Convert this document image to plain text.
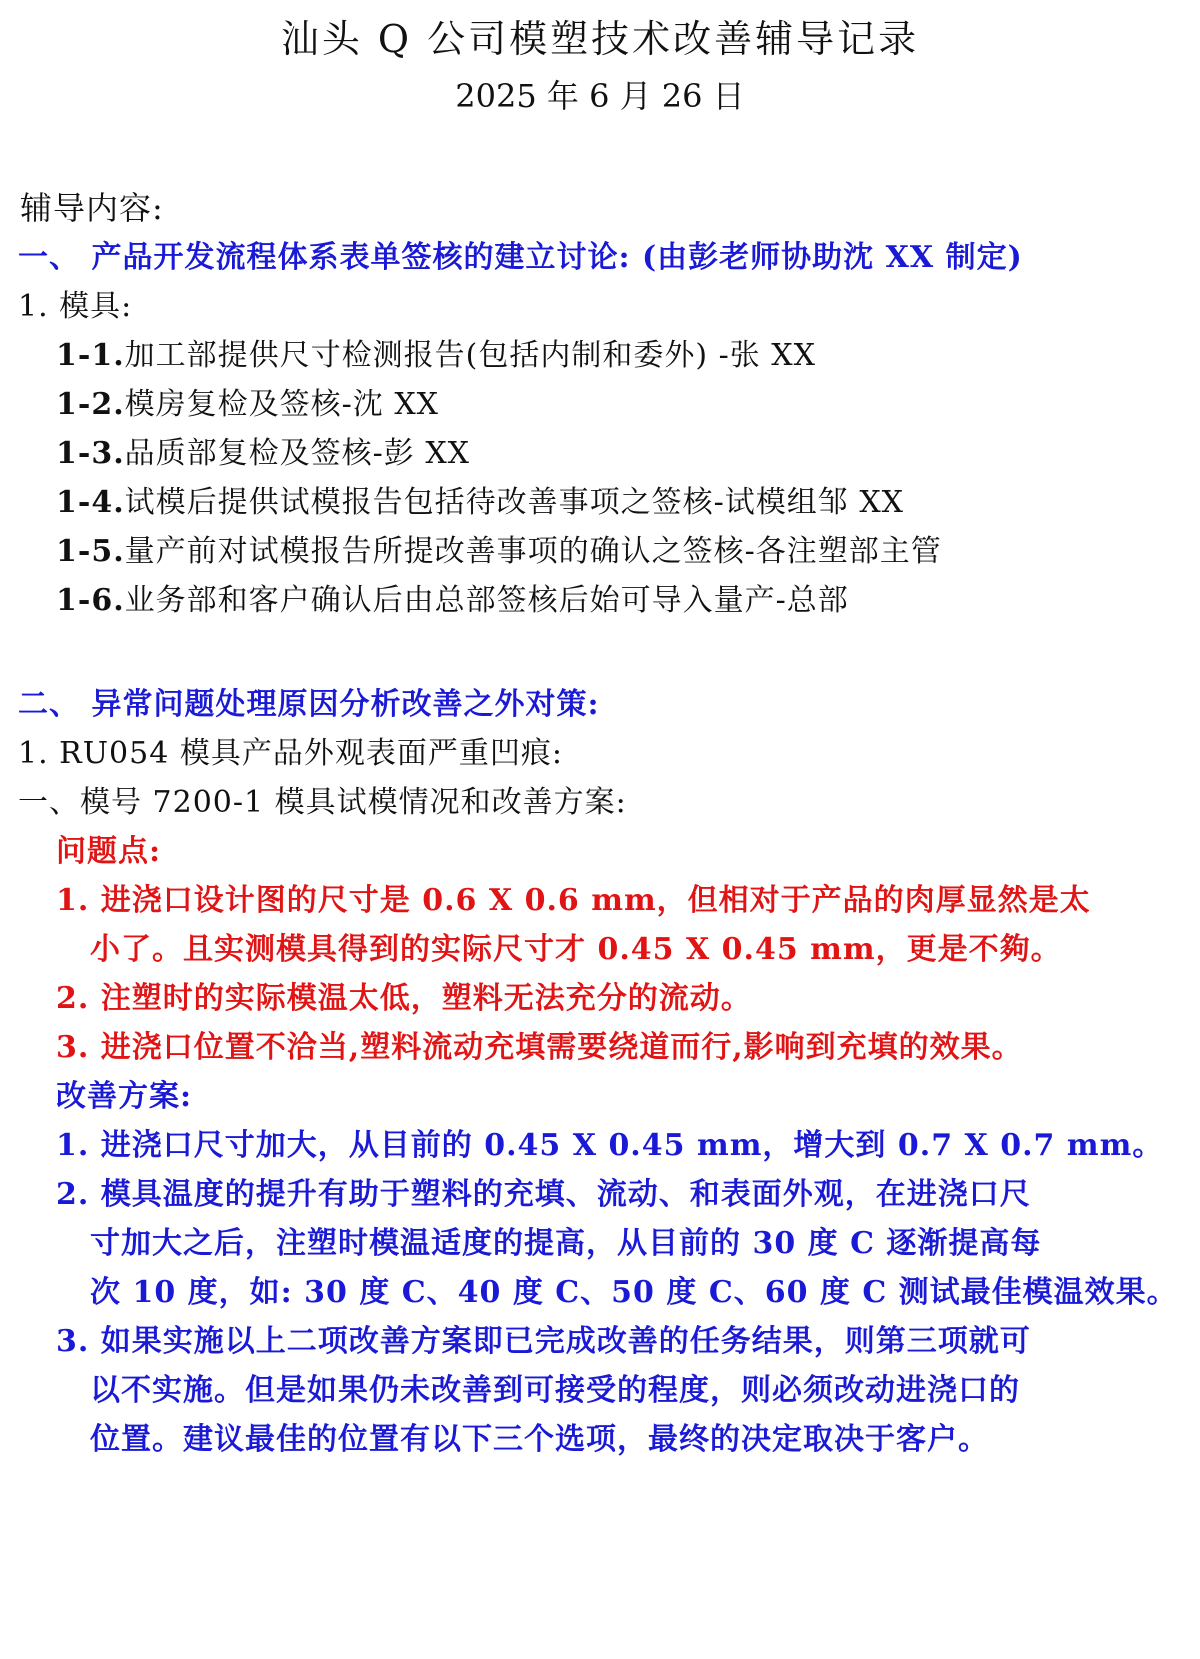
汕头 Q 公司模塑技术改善辅导记录
2025 年 6 月 26 日
辅导内容:
一、 产品开发流程体系表单签核的建立讨论: (由彭老师协助沈 XX 制定)
1. 模具:
1-1.加工部提供尺寸检测报告(包括内制和委外) -张 XX
1-2.模房复检及签核-沈 XX
1-3.品质部复检及签核-彭 XX
1-4.试模后提供试模报告包括待改善事项之签核-试模组邹 XX
1-5.量产前对试模报告所提改善事项的确认之签核-各注塑部主管
1-6.业务部和客户确认后由总部签核后始可导入量产-总部
二、 异常问题处理原因分析改善之外对策:
1. RU054 模具产品外观表面严重凹痕:
一、模号 7200-1 模具试模情况和改善方案:
问题点:
1. 进浇口设计图的尺寸是 0.6 X 0.6 mm，但相对于产品的肉厚显然是太
小了。且实测模具得到的实际尺寸才 0.45 X 0.45 mm，更是不夠。
2. 注塑时的实际模温太低，塑料无法充分的流动。
3. 进浇口位置不洽当,塑料流动充填需要绕道而行,影响到充填的效果。
改善方案:
1. 进浇口尺寸加大，从目前的 0.45 X 0.45 mm，增大到 0.7 X 0.7 mm。
2. 模具温度的提升有助于塑料的充填、流动、和表面外观，在进浇口尺
寸加大之后，注塑时模温适度的提高，从目前的 30 度 C 逐渐提高每
次 10 度，如: 30 度 C、40 度 C、50 度 C、60 度 C 测试最佳模温效果。
3. 如果实施以上二项改善方案即已完成改善的任务结果，则第三项就可
以不实施。但是如果仍未改善到可接受的程度，则必须改动进浇口的
位置。建议最佳的位置有以下三个选项，最终的决定取决于客户。
